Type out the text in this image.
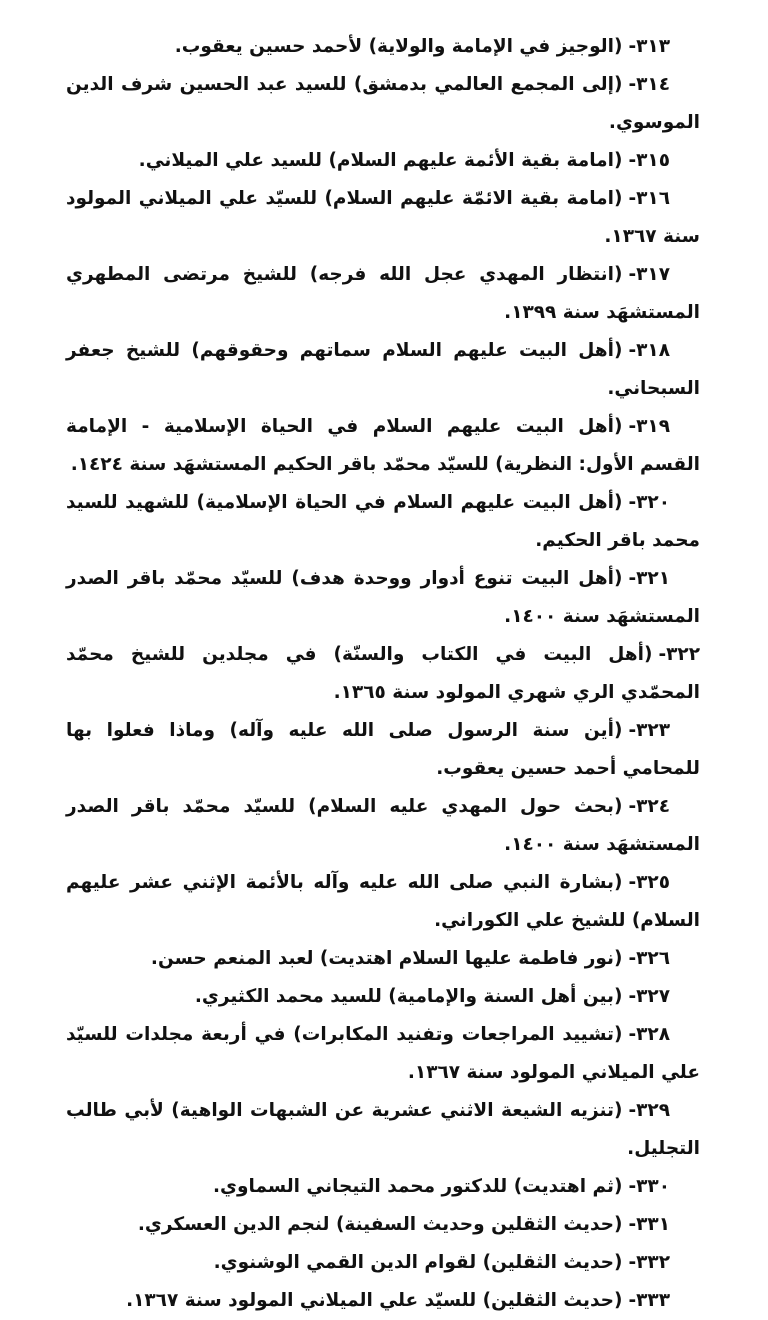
٣١٣-(الوجيز في الإمامة والولاية) لأحمد حسين يعقوب.

٣١٤-(إلى المجمع العالمي بدمشق) للسيد عبد الحسين شرف الدين الموسوي.

٣١٥-(امامة بقية الأئمة عليهم السلام) للسيد علي الميلاني.

٣١٦-(امامة بقية الائمّة عليهم السلام) للسيّد علي الميلاني المولود سنة ١٣٦٧.

٣١٧-(انتظار المهدي عجل الله فرجه) للشيخ مرتضى المطهري المستشهَد سنة ١٣٩٩.

٣١٨-(أهل البيت عليهم السلام سماتهم وحقوقهم) للشيخ جعفر السبحاني.

٣١٩-(أهل البيت عليهم السلام في الحياة الإسلامية - الإمامة القسم الأول: النظرية) للسيّد محمّد باقر الحكيم المستشهَد سنة ١٤٢٤.

٣٢٠-(أهل البيت عليهم السلام في الحياة الإسلامية) للشهيد للسيد محمد باقر الحكيم.

٣٢١-(أهل البيت تنوع أدوار ووحدة هدف) للسيّد محمّد باقر الصدر المستشهَد سنة ١٤٠٠.

٣٢٢-(أهل البيت في الكتاب والسنّة) في مجلدين للشيخ محمّد المحمّدي الري شهري المولود سنة ١٣٦٥.

٣٢٣-(أين سنة الرسول صلى الله عليه وآله) وماذا فعلوا بها للمحامي أحمد حسين يعقوب.

٣٢٤-(بحث حول المهدي عليه السلام) للسيّد محمّد باقر الصدر المستشهَد سنة ١٤٠٠.

٣٢٥-(بشارة النبي صلى الله عليه وآله بالأئمة الإثني عشر عليهم السلام) للشيخ علي الكوراني.

٣٢٦-(نور فاطمة عليها السلام اهتديت) لعبد المنعم حسن.

٣٢٧-(بين أهل السنة والإمامية) للسيد محمد الكثيري.

٣٢٨-(تشييد المراجعات وتفنيد المكابرات) في أربعة مجلدات للسيّد علي الميلاني المولود سنة ١٣٦٧.

٣٢٩-(تنزيه الشيعة الاثني عشرية عن الشبهات الواهية) لأبي طالب التجليل.

٣٣٠-(ثم اهتديت) للدكتور محمد التيجاني السماوي.

٣٣١-(حديث الثقلين وحديث السفينة) لنجم الدين العسكري.

٣٣٢-(حديث الثقلين) لقوام الدين القمي الوشنوي.

٣٣٣-(حديث الثقلين) للسيّد علي الميلاني المولود سنة ١٣٦٧.
